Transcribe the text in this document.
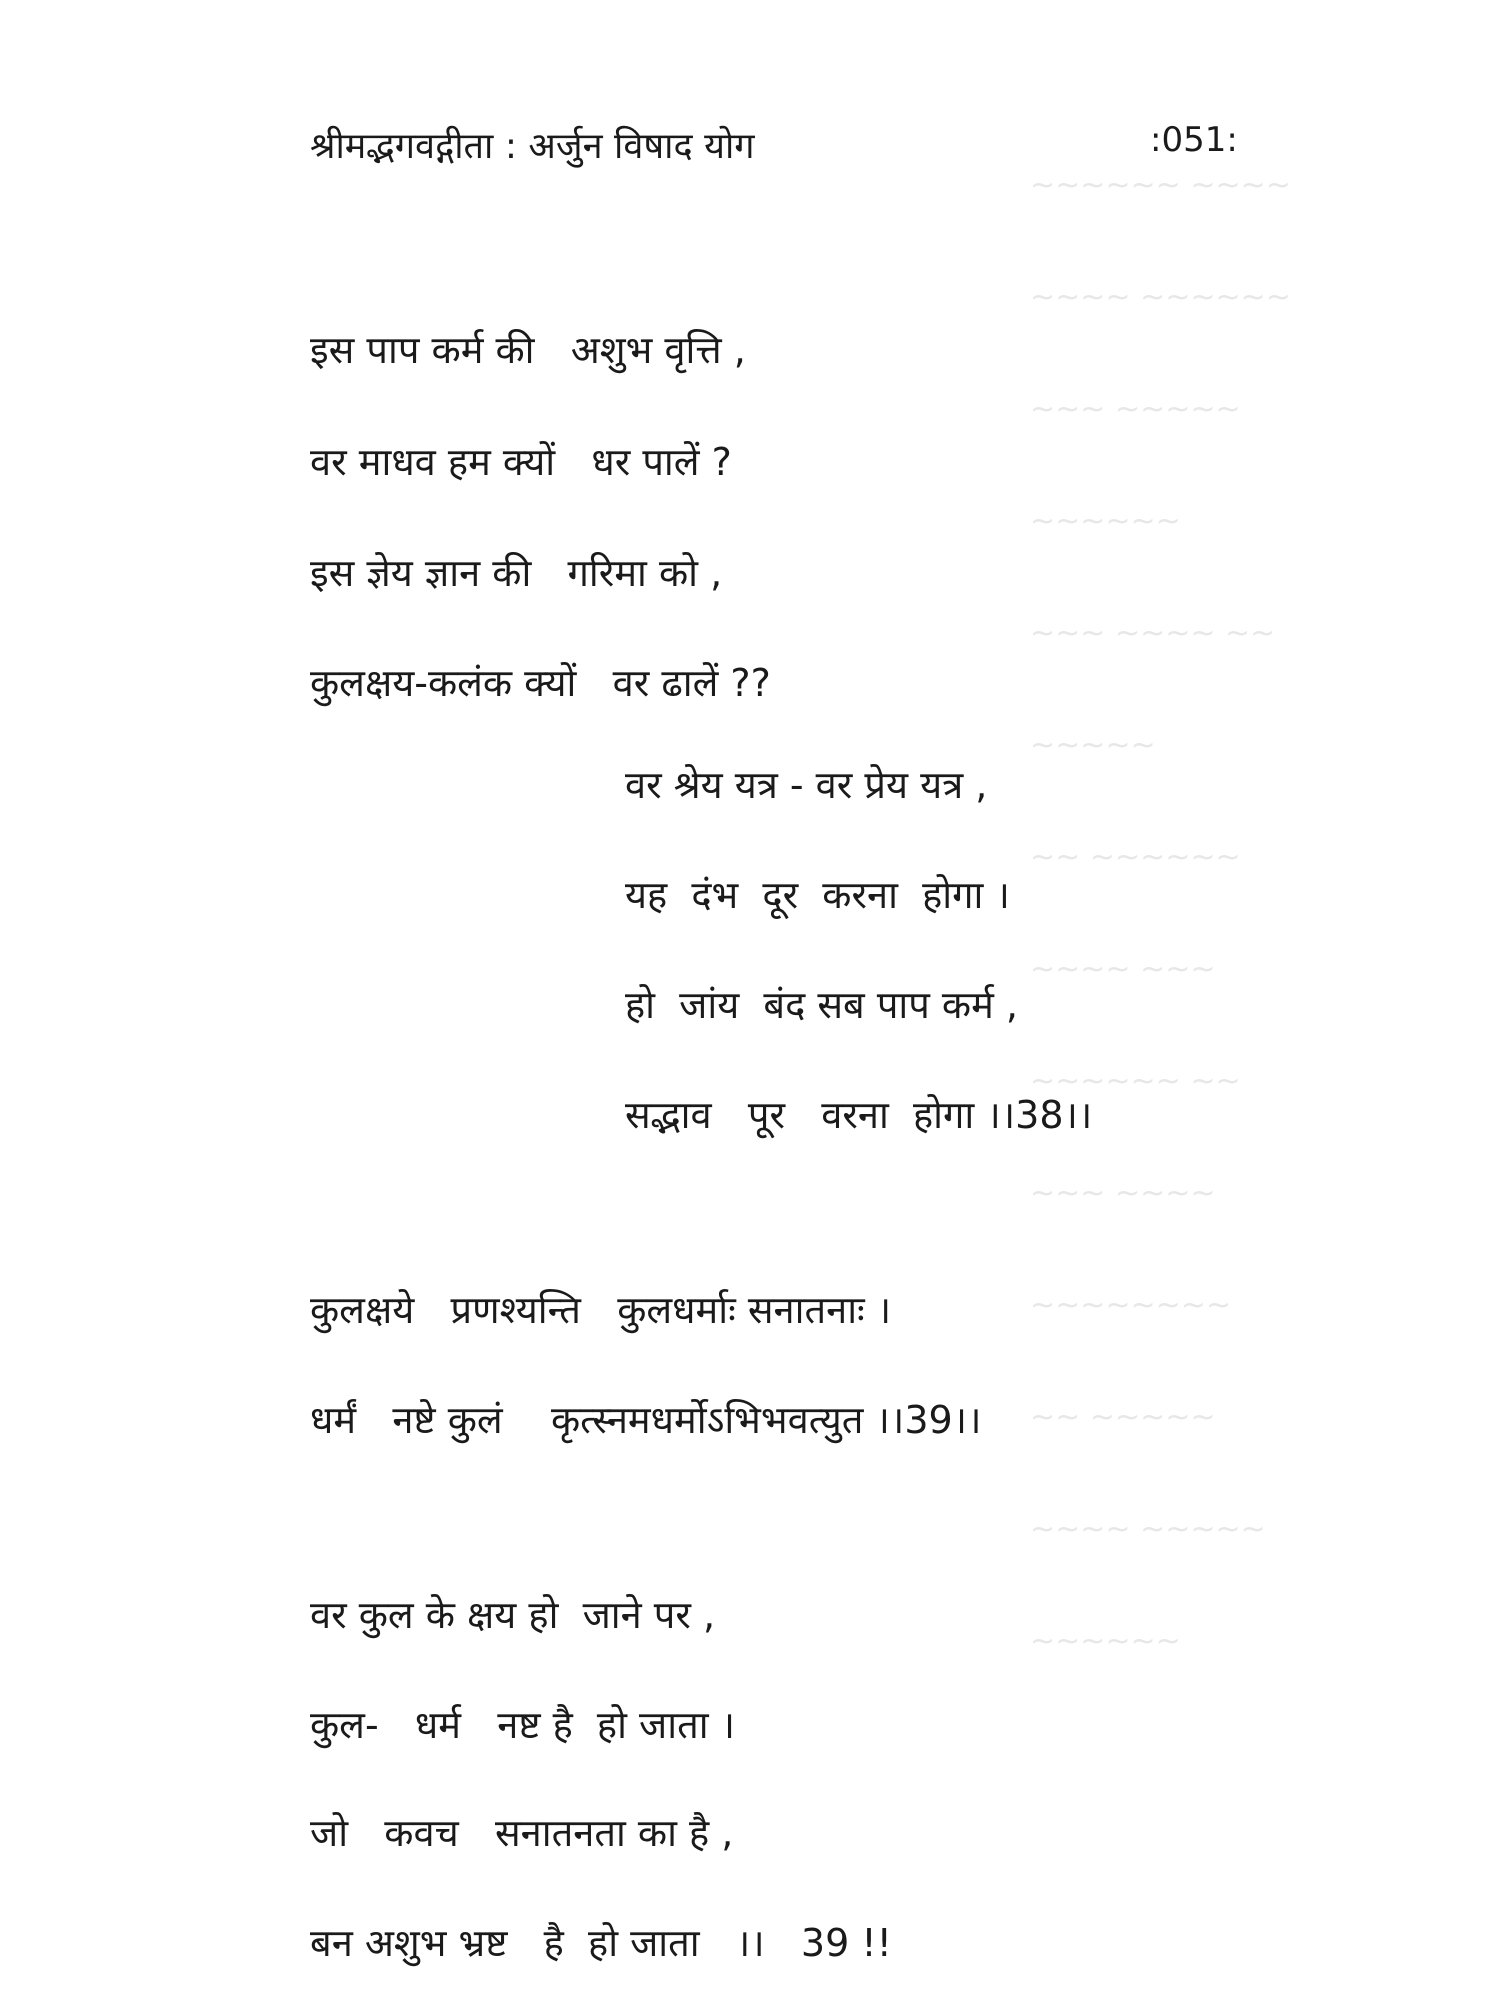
~~~~~~ ~~~~
~~~~ ~~~~~~
~~~ ~~~~~
~~~~~~
~~~ ~~~~ ~~
~~~~~
~~ ~~~~~~
~~~~ ~~~
~~~~~~ ~~
~~~ ~~~~
~~~~~~~~
~~ ~~~~~
~~~~ ~~~~~
~~~~~~
श्रीमद्भगवद्गीता : अर्जुन विषाद योग	:051:
इस पाप कर्म की   अशुभ वृत्ति ,
वर माधव हम क्यों   धर पालें ?
इस ज्ञेय ज्ञान की   गरिमा को ,
कुलक्षय-कलंक क्यों   वर ढालें ??
वर श्रेय यत्र - वर प्रेय यत्र ,
यह  दंभ  दूर  करना  होगा ।
हो  जांय  बंद सब पाप कर्म ,
सद्भाव   पूर   वरना  होगा ।।38।।
कुलक्षये   प्रणश्यन्ति   कुलधर्माः सनातनाः ।
धर्मं   नष्टे कुलं    कृत्स्नमधर्मोऽभिभवत्युत ।।39।।
वर कुल के क्षय हो  जाने पर ,
कुल-   धर्म   नष्ट है  हो जाता ।
जो   कवच   सनातनता का है ,
बन अशुभ भ्रष्ट   है  हो जाता   ।।   39 !!
